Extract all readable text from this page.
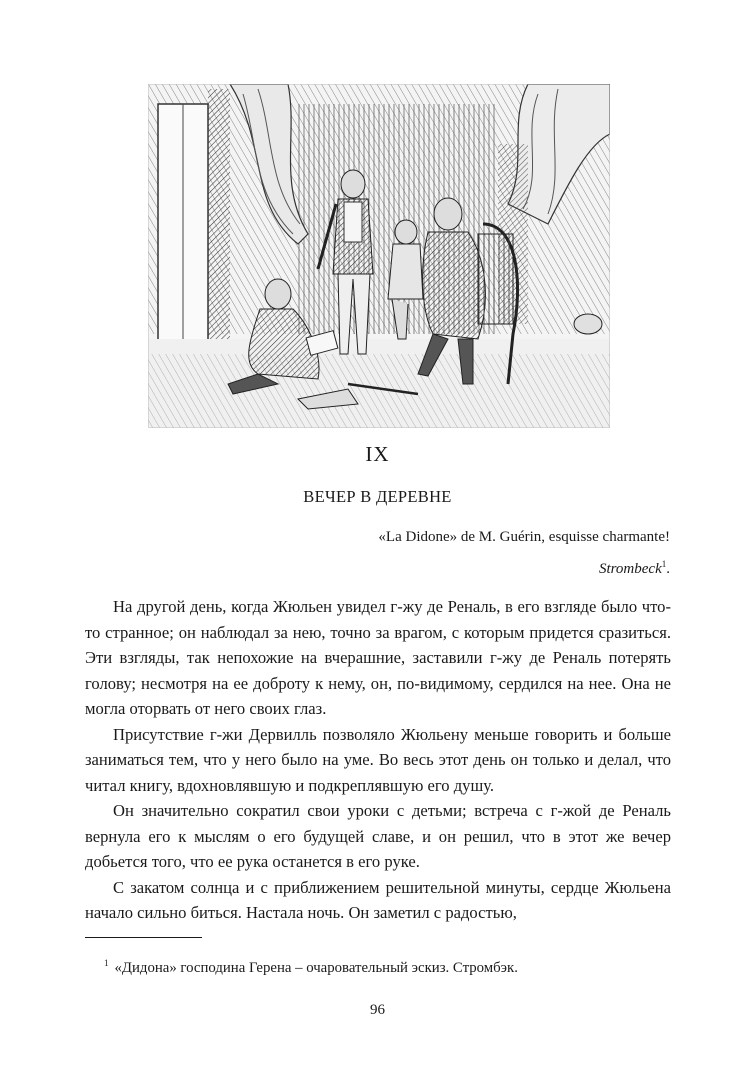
IX
ВЕЧЕР В ДЕРЕВНЕ
«La Didone» de M. Guérin, esquisse charmante!
Strombeck$^1$.

На другой день, когда Жюльен увидел г-жу де Реналь, в его взгляде было что-то странное; он наблюдал за нею, точно за врагом, с которым придется сразиться. Эти взгляды, так непохожие на вчерашние, заставили г-жу де Реналь потерять голову; несмотря на ее доброту к нему, он, по-видимому, сердился на нее. Она не могла оторвать от него своих глаз.

Присутствие г-жи Дервилль позволяло Жюльену меньше говорить и больше заниматься тем, что у него было на уме. Во весь этот день он только и делал, что читал книгу, вдохновлявшую и подкреплявшую его душу.

Он значительно сократил свои уроки с детьми; встреча с г-жой де Реналь вернула его к мыслям о его будущей славе, и он решил, что в этот же вечер добьется того, что ее рука останется в его руке.

С закатом солнца и с приближением решительной минуты, сердце Жюльена начало сильно биться. Настала ночь. Он заметил с радостью,

$^1$ «Дидона» господина Герена – очаровательный эскиз. Стромбэк.
96
